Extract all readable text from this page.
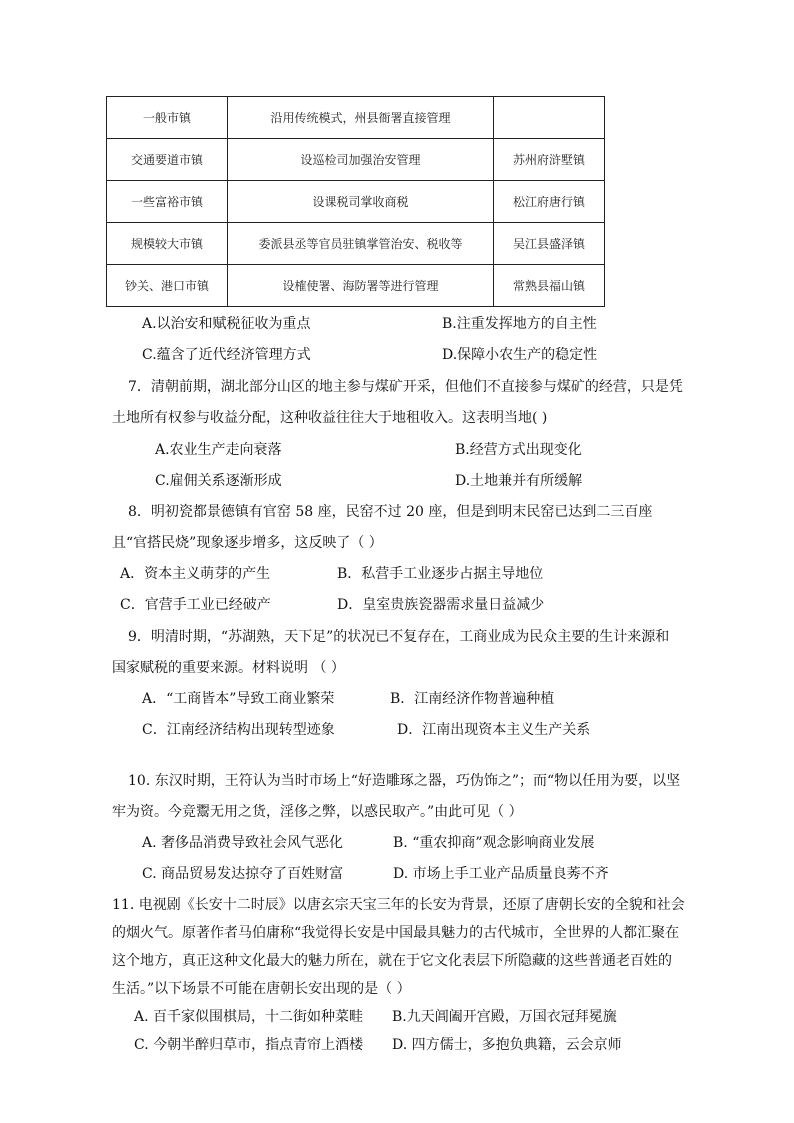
一般市镇	沿用传统模式，州县衙署直接管理	
交通要道市镇	设巡检司加强治安管理	苏州府浒墅镇
一些富裕市镇	设课税司掌收商税	松江府唐行镇
规模较大市镇	委派县丞等官员驻镇掌管治安、税收等	吴江县盛泽镇
钞关、港口市镇	设榷使署、海防署等进行管理	常熟县福山镇
A.以治安和赋税征收为重点	B.注重发挥地方的自主性
C.蕴含了近代经济管理方式	D.保障小农生产的稳定性
7．清朝前期，湖北部分山区的地主参与煤矿开采，但他们不直接参与煤矿的经营，只是凭
土地所有权参与收益分配，这种收益往往大于地租收入。这表明当地( )
A.农业生产走向衰落	B.经营方式出现变化
C.雇佣关系逐渐形成	D.土地兼并有所缓解
8．明初瓷都景德镇有官窑 58 座，民窑不过 20 座，但是到明末民窑已达到二三百座
且“官搭民烧”现象逐步增多，这反映了（ ）
A．资本主义萌芽的产生	B．私营手工业逐步占据主导地位
C．官营手工业已经破产	D．皇室贵族瓷器需求量日益减少
9．明清时期，“苏湖熟，天下足”的状况已不复存在，工商业成为民众主要的生计来源和
国家赋税的重要来源。材料说明 （ ）
A．“工商皆本”导致工商业繁荣	B．江南经济作物普遍种植
C．江南经济结构出现转型迹象	D．江南出现资本主义生产关系
10. 东汉时期，王符认为当时市场上“好造雕琢之器，巧伪饰之”；而“物以任用为要，以坚
牢为资。今竞鬻无用之货，淫侈之弊，以惑民取产。”由此可见（ ）
A. 奢侈品消费导致社会风气恶化	B. “重农抑商”观念影响商业发展
C. 商品贸易发达掠夺了百姓财富	D. 市场上手工业产品质量良莠不齐
11. 电视剧《长安十二时辰》以唐玄宗天宝三年的长安为背景，还原了唐朝长安的全貌和社会
的烟火气。原著作者马伯庸称“我觉得长安是中国最具魅力的古代城市，全世界的人都汇聚在
这个地方，真正这种文化最大的魅力所在，就在于它文化表层下所隐藏的这些普通老百姓的
生活。”以下场景不可能在唐朝长安出现的是（ ）
A. 百千家似围棋局，十二街如种菜畦 B.九天阊阖开宫殿，万国衣冠拜冕旒
C. 今朝半醉归草市，指点青帘上酒楼 D. 四方儒士，多抱负典籍，云会京师
